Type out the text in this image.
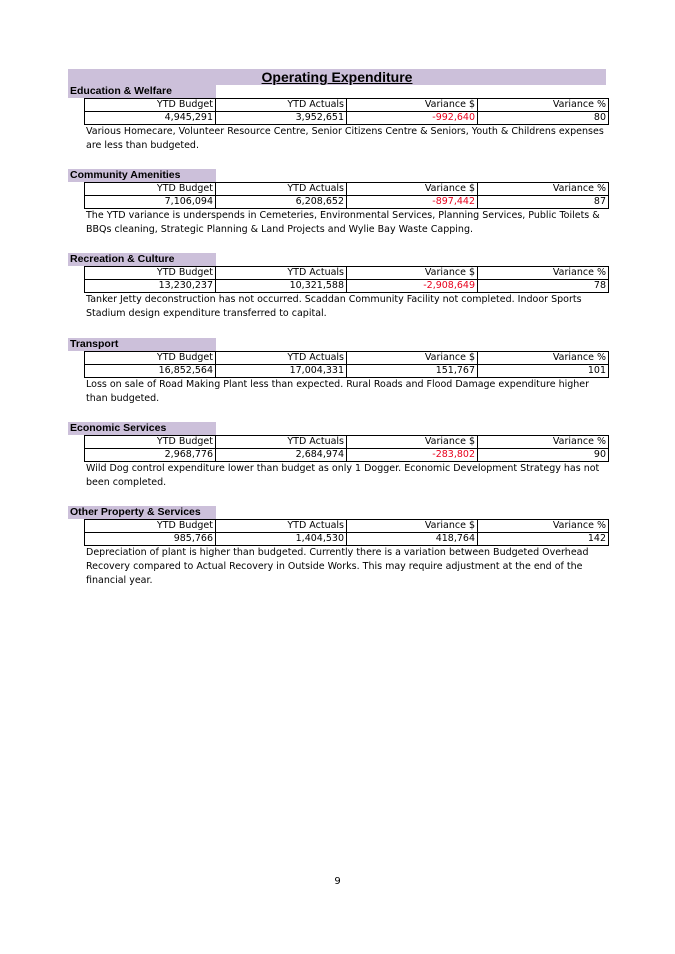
Operating Expenditure
Education & Welfare
YTD Budget	YTD Actuals	Variance $	Variance %
4,945,291	3,952,651	-992,640	80
Various Homecare, Volunteer Resource Centre, Senior Citizens Centre & Seniors, Youth & Childrens expenses are less than budgeted.
Community Amenities
YTD Budget	YTD Actuals	Variance $	Variance %
7,106,094	6,208,652	-897,442	87
The YTD variance is underspends in Cemeteries, Environmental Services, Planning Services, Public Toilets & BBQs cleaning, Strategic Planning & Land Projects and Wylie Bay Waste Capping.
Recreation & Culture
YTD Budget	YTD Actuals	Variance $	Variance %
13,230,237	10,321,588	-2,908,649	78
Tanker Jetty deconstruction has not occurred. Scaddan Community Facility not completed. Indoor Sports Stadium design expenditure transferred to capital.
Transport
YTD Budget	YTD Actuals	Variance $	Variance %
16,852,564	17,004,331	151,767	101
Loss on sale of Road Making Plant less than expected. Rural Roads and Flood Damage expenditure higher than budgeted.
Economic Services
YTD Budget	YTD Actuals	Variance $	Variance %
2,968,776	2,684,974	-283,802	90
Wild Dog control expenditure lower than budget as only 1 Dogger. Economic Development Strategy has not been completed.
Other Property & Services
YTD Budget	YTD Actuals	Variance $	Variance %
985,766	1,404,530	418,764	142
Depreciation of plant is higher than budgeted. Currently there is a variation between Budgeted Overhead Recovery compared to Actual Recovery in Outside Works. This may require adjustment at the end of the financial year.
9
